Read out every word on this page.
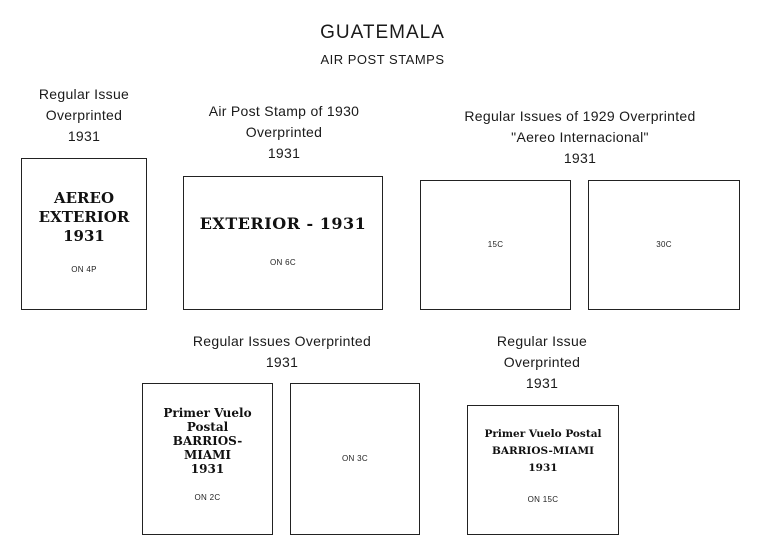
GUATEMALA
AIR POST STAMPS
Regular Issue
Overprinted
1931
AEREO
EXTERIOR
1931
ON 4P
Air Post Stamp of 1930
Overprinted
1931
EXTERIOR - 1931
ON 6C
Regular Issues of 1929 Overprinted
"Aereo Internacional"
1931
15C	30C
Regular Issues Overprinted
1931
Primer Vuelo
Postal
BARRIOS-
MIAMI
1931
ON 2C
ON 3C
Regular Issue
Overprinted
1931
Primer Vuelo Postal
BARRIOS-MIAMI
1931
ON 15C
